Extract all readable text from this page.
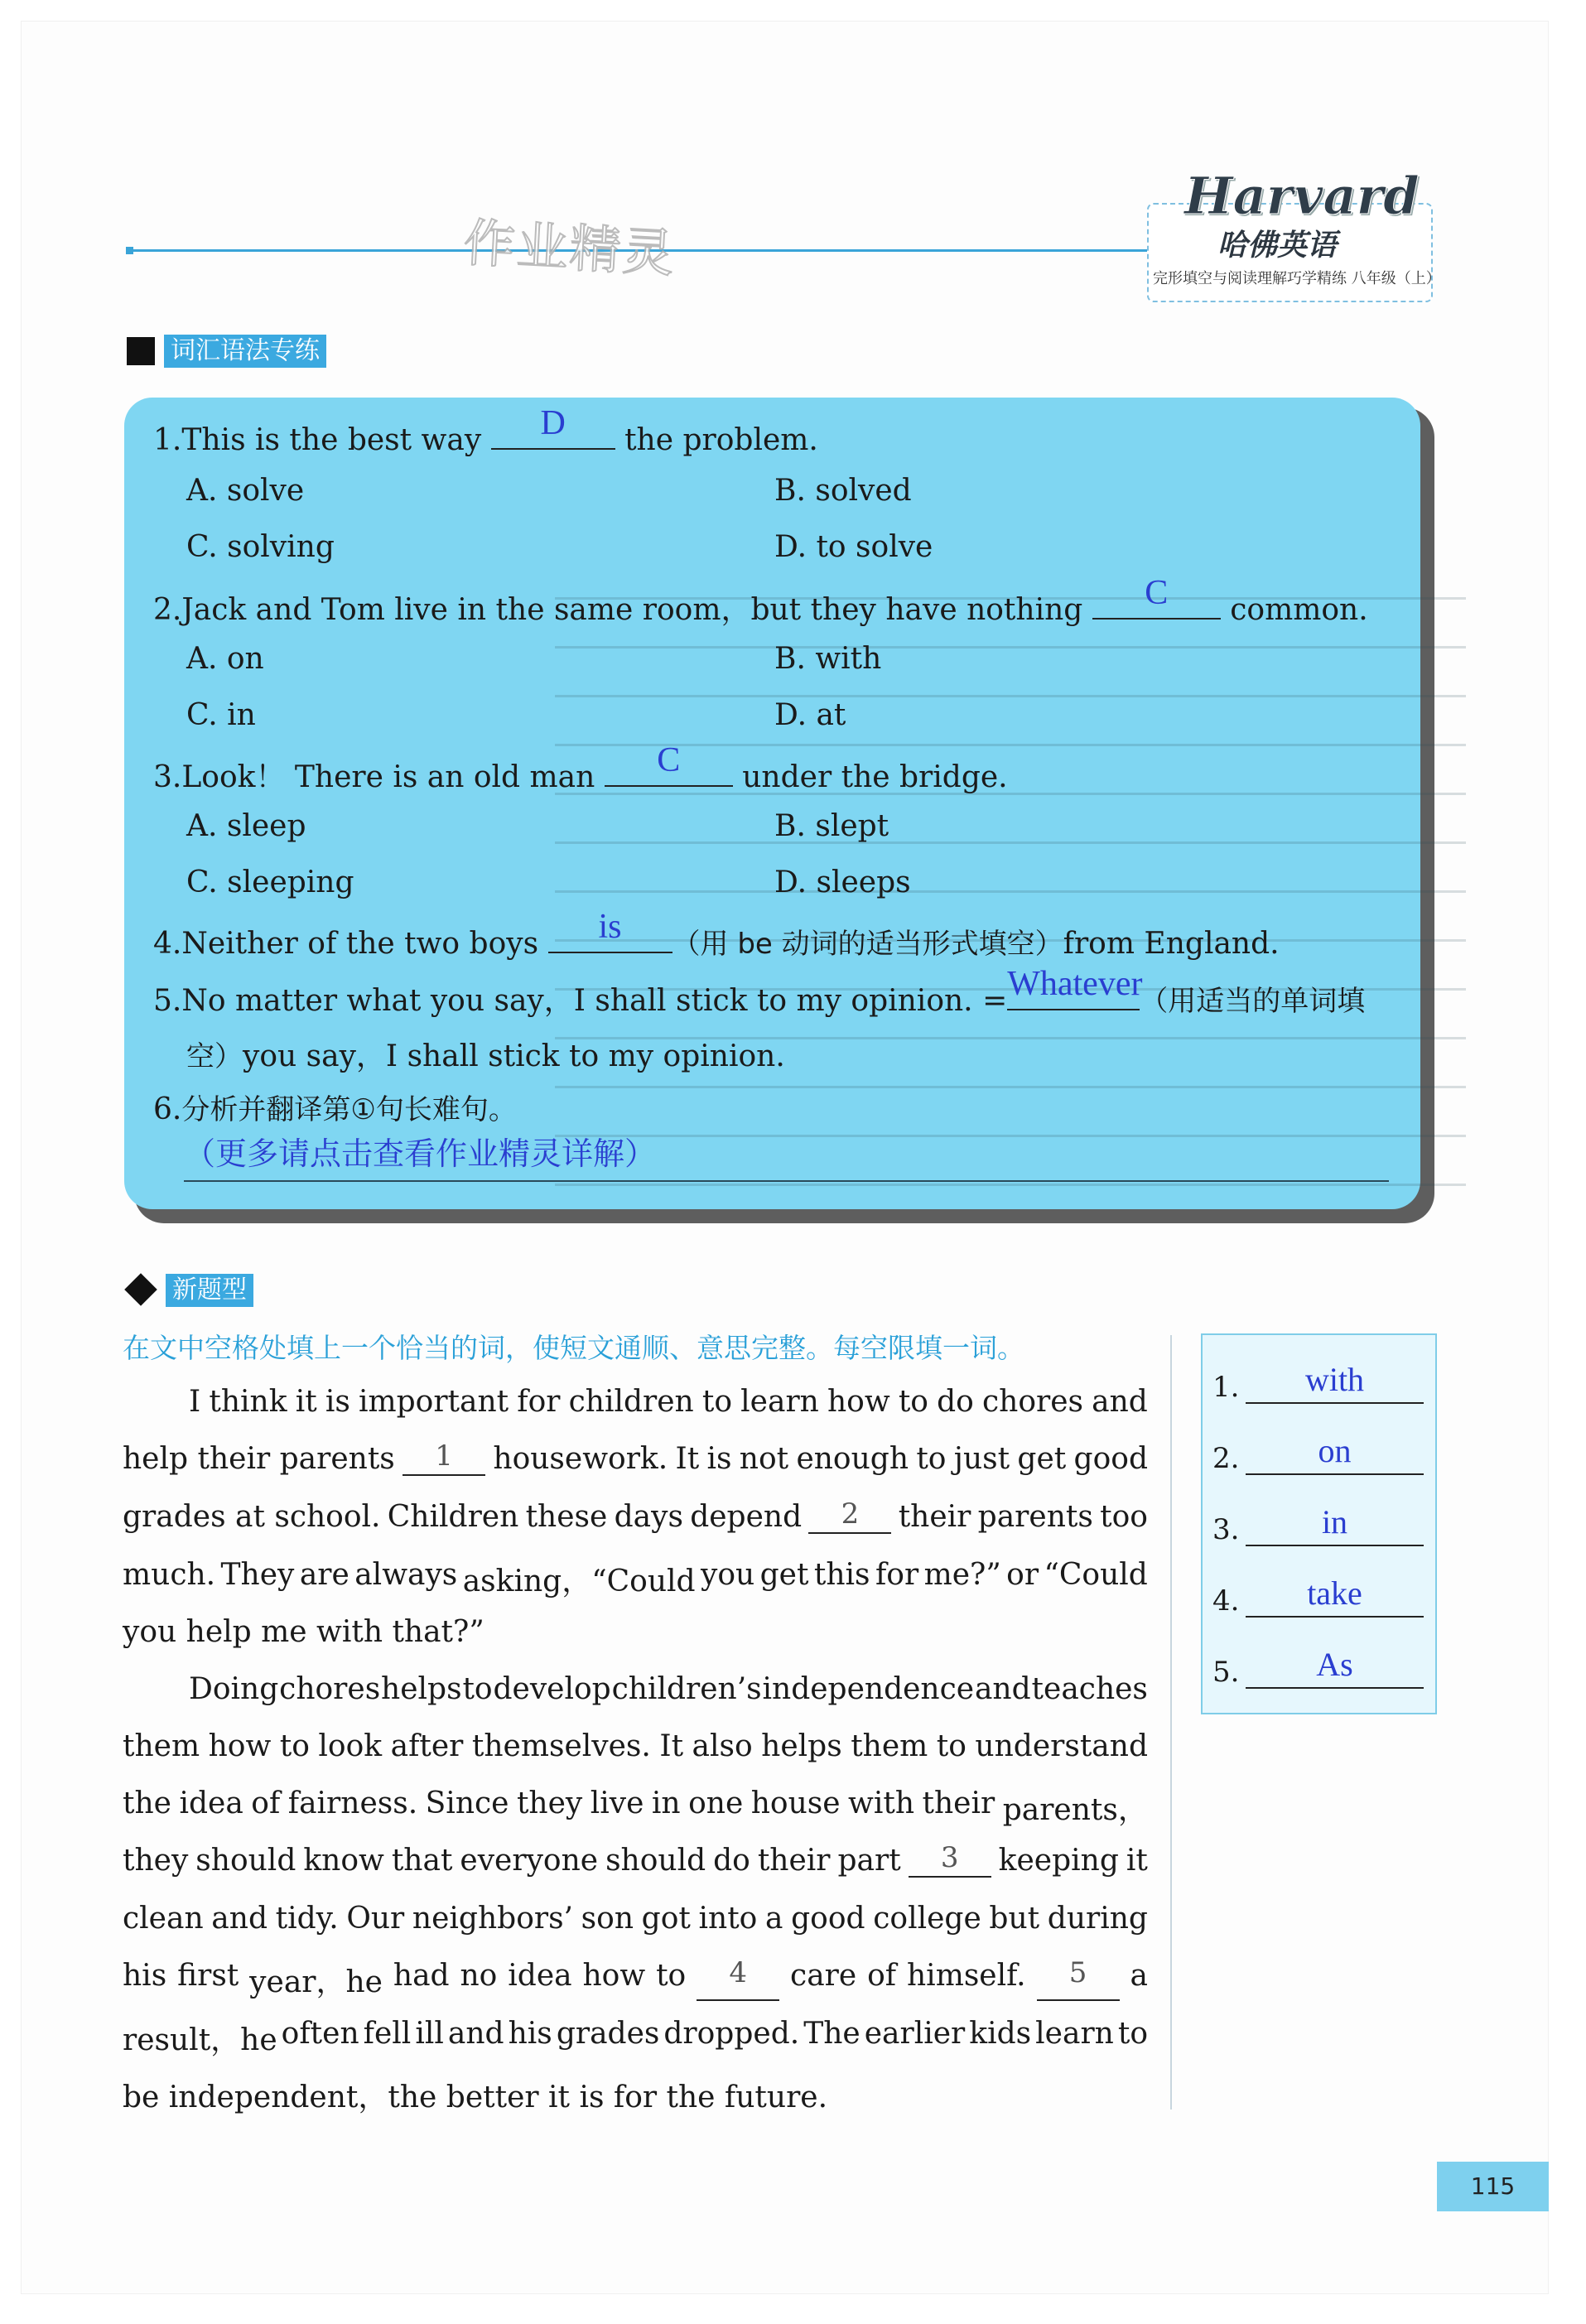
作业精灵
Harvard
哈佛英语
完形填空与阅读理解巧学精练 八年级（上）
词汇语法专练
1.This is the best way	D	the problem.
A. solve	B. solved
C. solving	D. to solve
2.Jack and Tom live in the same room，but they have nothing	C	common.
A. on	B. with
C. in	D. at
3.Look！ There is an old man	C	under the bridge.
A. sleep	B. slept
C. sleeping	D. sleeps
4.Neither of the two boys	is	（用 be 动词的适当形式填空）from England.
5.No matter what you say，I shall stick to my opinion. = Whatever
（用适当的单词填
空）you say，I shall stick to my opinion.
6.分析并翻译第①句长难句。
（更多请点击查看作业精灵详解）
新题型
在文中空格处填上一个恰当的词，使短文通顺、意思完整。每空限填一词。
I think it is important for children to learn how to do chores and
help their parents	1	housework. It is not enough to just get good
grades at school. Children these days depend	2	their parents too
much. They are always asking，“Could you get this for me?” or “Could
you help me with that?”
Doing chores helps to develop children’s independence and teaches
them how to look after themselves. It also helps them to understand
the idea of fairness. Since they live in one house with their parents，
they should know that everyone should do their part	3	keeping it
clean and tidy. Our neighbors’ son got into a good college but during
his first year，he had no idea how to	4	care of himself.	5	a
result，he often fell ill and his grades dropped. The earlier kids learn to
be independent，the better it is for the future.
1.	with
2.	on
3.	in
4.	take
5.	As
115
